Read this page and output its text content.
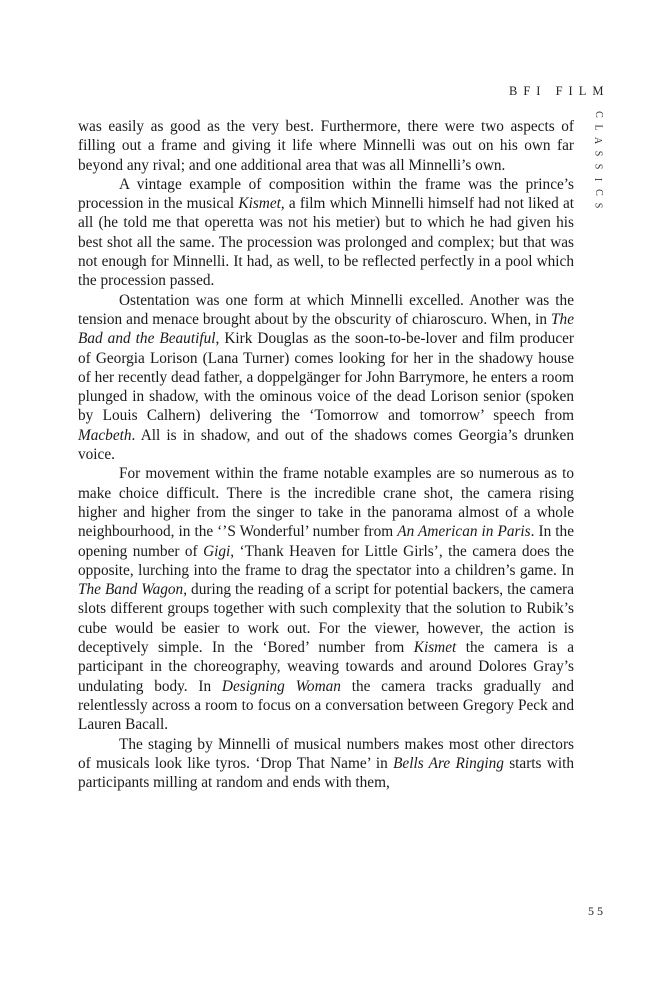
BFI FILM
C
L
A
S
S
I
C
S

was easily as good as the very best. Furthermore, there were two aspects of filling out a frame and giving it life where Minnelli was out on his own far beyond any rival; and one additional area that was all Minnelli’s own.

A vintage example of composition within the frame was the prince’s procession in the musical Kismet, a film which Minnelli himself had not liked at all (he told me that operetta was not his metier) but to which he had given his best shot all the same. The procession was prolonged and complex; but that was not enough for Minnelli. It had, as well, to be reflected perfectly in a pool which the procession passed.

Ostentation was one form at which Minnelli excelled. Another was the tension and menace brought about by the obscurity of chiaroscuro. When, in The Bad and the Beautiful, Kirk Douglas as the soon-to-be-lover and film producer of Georgia Lorison (Lana Turner) comes looking for her in the shadowy house of her recently dead father, a doppelgänger for John Barrymore, he enters a room plunged in shadow, with the ominous voice of the dead Lorison senior (spoken by Louis Calhern) delivering the ‘Tomorrow and tomorrow’ speech from Macbeth. All is in shadow, and out of the shadows comes Georgia’s drunken voice.

For movement within the frame notable examples are so numerous as to make choice difficult. There is the incredible crane shot, the camera rising higher and higher from the singer to take in the panorama almost of a whole neighbourhood, in the ‘’S Wonderful’ number from An American in Paris. In the opening number of Gigi, ‘Thank Heaven for Little Girls’, the camera does the opposite, lurching into the frame to drag the spectator into a children’s game. In The Band Wagon, during the reading of a script for potential backers, the camera slots different groups together with such complexity that the solution to Rubik’s cube would be easier to work out. For the viewer, however, the action is deceptively simple. In the ‘Bored’ number from Kismet the camera is a participant in the choreography, weaving towards and around Dolores Gray’s undulating body. In Designing Woman the camera tracks gradually and relentlessly across a room to focus on a conversation between Gregory Peck and Lauren Bacall.

The staging by Minnelli of musical numbers makes most other directors of musicals look like tyros. ‘Drop That Name’ in Bells Are Ringing starts with participants milling at random and ends with them,

55
